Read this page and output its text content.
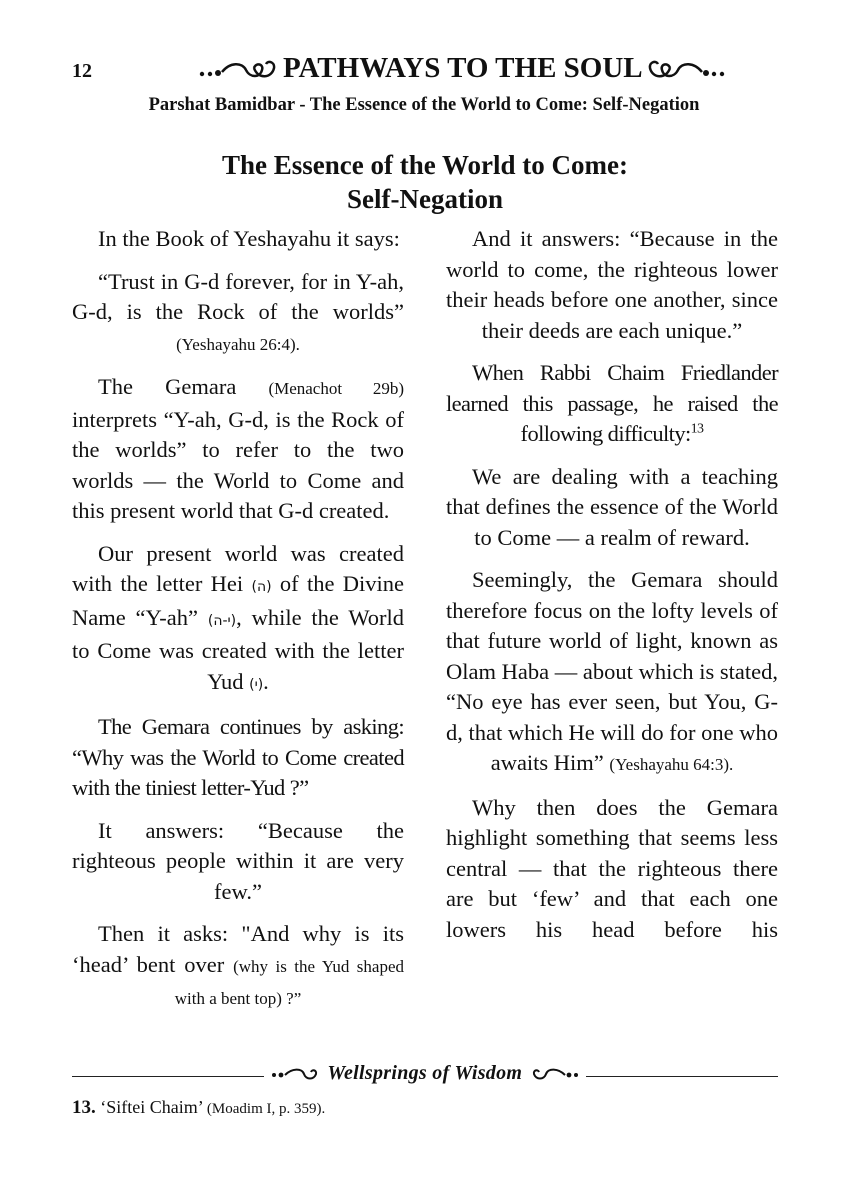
12	PATHWAYS TO THE SOUL
Parshat Bamidbar - The Essence of the World to Come: Self-Negation
The Essence of the World to Come:
Self-Negation

In the Book of Yeshayahu it says:

“Trust in G-d forever, for in Y-ah, G-d, is the Rock of the worlds” (Yeshayahu 26:4).

The Gemara (Menachot 29b) interprets “Y-ah, G-d, is the Rock of the worlds” to refer to the two worlds — the World to Come and this present world that G-d created.

Our present world was created with the letter Hei (ה) of the Divine Name “Y-ah” (י-ה), while the World to Come was created with the letter Yud (י).

The Gemara continues by asking: “Why was the World to Come created with the tiniest letter-Yud ?”

It answers: “Because the righteous people within it are very few.”

Then it asks: "And why is its ‘head’ bent over (why is the Yud shaped with a bent top) ?”

And it answers: “Because in the world to come, the righteous lower their heads before one another, since their deeds are each unique.”

When Rabbi Chaim Friedlander learned this passage, he raised the following difficulty:$^{13}$

We are dealing with a teaching that defines the essence of the World to Come — a realm of reward.

Seemingly, the Gemara should therefore focus on the lofty levels of that future world of light, known as Olam Haba — about which is stated, “No eye has ever seen, but You, G-d, that which He will do for one who awaits Him” (Yeshayahu 64:3).

Why then does the Gemara highlight something that seems less central — that the righteous there are but ‘few’ and that each one lowers his head before his

Wellsprings of Wisdom
13. ‘Siftei Chaim’ (Moadim I, p. 359).
